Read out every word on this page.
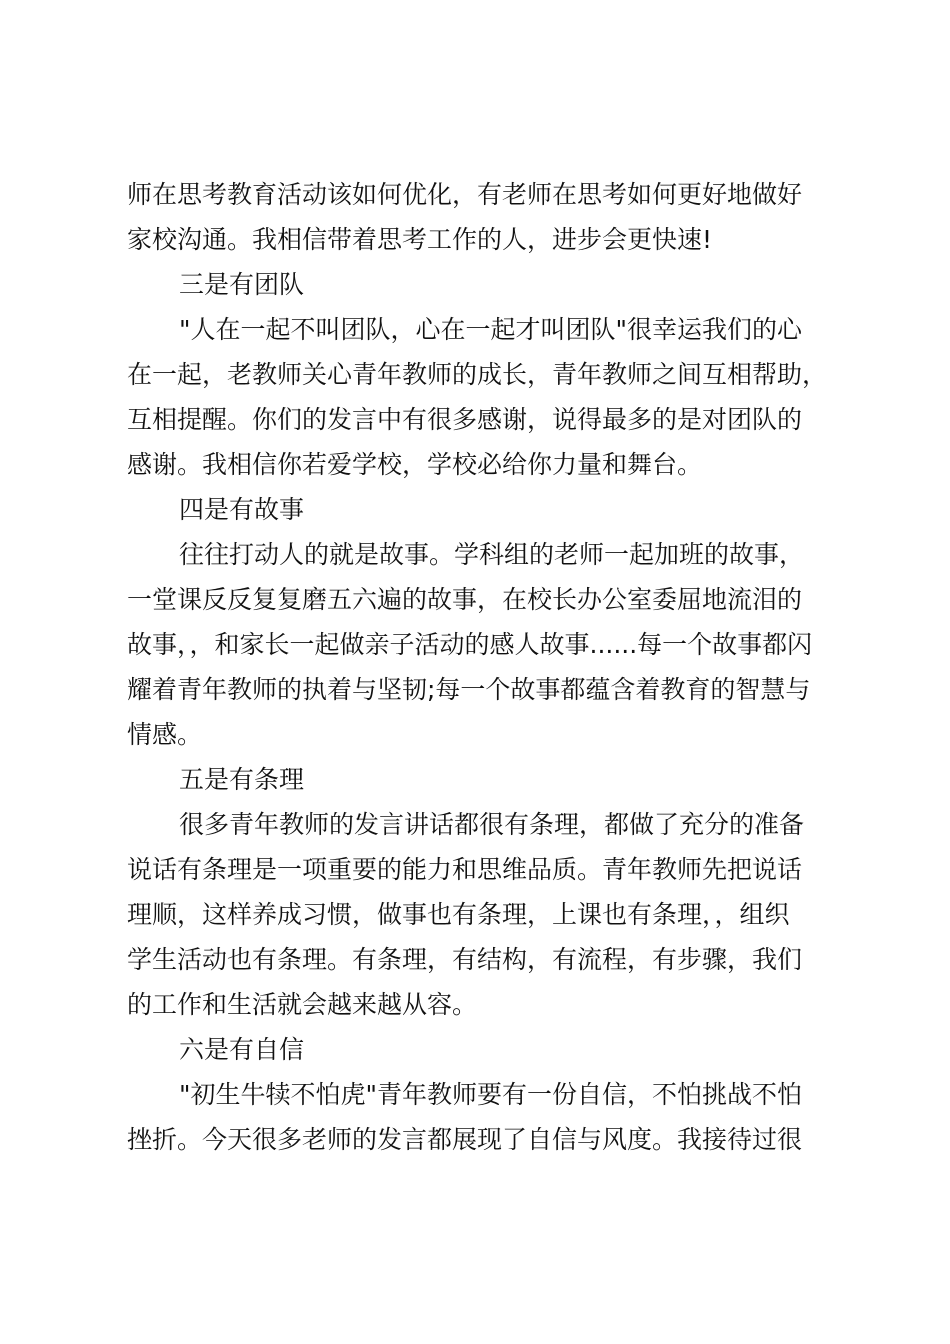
师在思考教育活动该如何优化，有老师在思考如何更好地做好
家校沟通。我相信带着思考工作的人，进步会更快速!
三是有团队
"人在一起不叫团队，心在一起才叫团队"很幸运我们的心
在一起，老教师关心青年教师的成长，青年教师之间互相帮助，
互相提醒。你们的发言中有很多感谢，说得最多的是对团队的
感谢。我相信你若爱学校，学校必给你力量和舞台。
四是有故事
往往打动人的就是故事。学科组的老师一起加班的故事，
一堂课反反复复磨五六遍的故事，在校长办公室委屈地流泪的
故事，，和家长一起做亲子活动的感人故事......每一个故事都闪
耀着青年教师的执着与坚韧;每一个故事都蕴含着教育的智慧与
情感。
五是有条理
很多青年教师的发言讲话都很有条理，都做了充分的准备
说话有条理是一项重要的能力和思维品质。青年教师先把说话
理顺，这样养成习惯，做事也有条理，上课也有条理，，组织
学生活动也有条理。有条理，有结构，有流程，有步骤，我们
的工作和生活就会越来越从容。
六是有自信
"初生牛犊不怕虎"青年教师要有一份自信，不怕挑战不怕
挫折。今天很多老师的发言都展现了自信与风度。我接待过很
